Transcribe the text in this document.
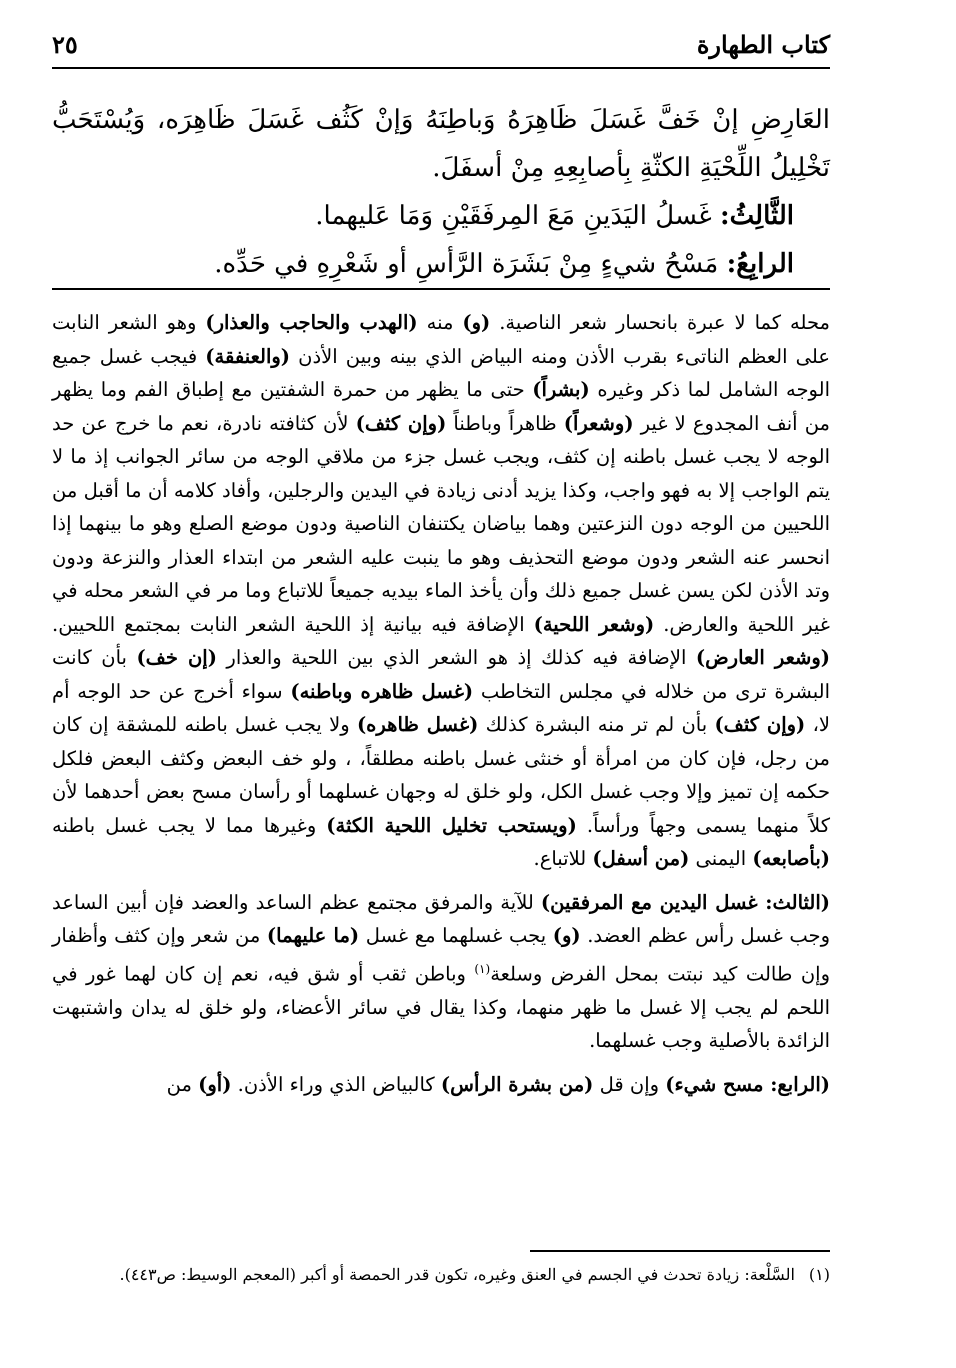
كتاب الطهارة
٢٥

العَارِضِ إنْ خَفَّ غَسَلَ ظَاهِرَهُ وَباطِنَهُ وَإنْ كَثُف غَسَلَ ظَاهِرَه، وَيُسْتَحَبُّ تَخْلِيلُ اللِّحْيَةِ الكثّةِ بِأصابِعِهِ مِنْ أسفَلَ.

الثَّالِثُ: غَسلُ اليَدَينِ مَعَ المِرفَقَيْنِ وَمَا عَليهما.

الرابِعُ: مَسْحُ شيءٍ مِنْ بَشَرَة الرَّأسِ أو شَعْرِهِ في حَدِّه.

محله كما لا عبرة بانحسار شعر الناصية. (و) منه (الهدب والحاجب والعذار) وهو الشعر النابت على العظم الناتىء بقرب الأذن ومنه البياض الذي بينه وبين الأذن (والعنفقة) فيجب غسل جميع الوجه الشامل لما ذكر وغيره (بشراً) حتى ما يظهر من حمرة الشفتين مع إطباق الفم وما يظهر من أنف المجدوع لا غير (وشعراً) ظاهراً وباطناً (وإن كثف) لأن كثافته نادرة، نعم ما خرج عن حد الوجه لا يجب غسل باطنه إن كثف، ويجب غسل جزء من ملاقي الوجه من سائر الجوانب إذ ما لا يتم الواجب إلا به فهو واجب، وكذا يزيد أدنى زيادة في اليدين والرجلين، وأفاد كلامه أن ما أقبل من اللحيين من الوجه دون النزعتين وهما بياضان يكتنفان الناصية ودون موضع الصلع وهو ما بينهما إذا انحسر عنه الشعر ودون موضع التحذيف وهو ما ينبت عليه الشعر من ابتداء العذار والنزعة ودون وتد الأذن لكن يسن غسل جميع ذلك وأن يأخذ الماء بيديه جميعاً للاتباع وما مر في الشعر محله في غير اللحية والعارض. (وشعر اللحية) الإضافة فيه بيانية إذ اللحية الشعر النابت بمجتمع اللحيين. (وشعر العارض) الإضافة فيه كذلك إذ هو الشعر الذي بين اللحية والعذار (إن خف) بأن كانت البشرة ترى من خلاله في مجلس التخاطب (غسل ظاهره وباطنه) سواء أخرج عن حد الوجه أم لا، (وإن كثف) بأن لم تر منه البشرة كذلك (غسل ظاهره) ولا يجب غسل باطنه للمشقة إن كان من رجل، فإن كان من امرأة أو خنثى غسل باطنه مطلقاً، ، ولو خف البعض وكثف البعض فلكل حكمه إن تميز وإلا وجب غسل الكل، ولو خلق له وجهان غسلهما أو رأسان مسح بعض أحدهما لأن كلاً منهما يسمى وجهاً ورأساً. (ويستحب تخليل اللحية الكثة) وغيرها مما لا يجب غسل باطنه (بأصابعه) اليمنى (من أسفل) للاتباع.

(الثالث: غسل اليدين مع المرفقين) للآية والمرفق مجتمع عظم الساعد والعضد فإن أبين الساعد وجب غسل رأس عظم العضد. (و) يجب غسلهما مع غسل (ما عليهما) من شعر وإن كثف وأظفار وإن طالت كيد نبتت بمحل الفرض وسلعة$^{(١)}$ وباطن ثقب أو شق فيه، نعم إن كان لهما غور في اللحم لم يجب إلا غسل ما ظهر منهما، وكذا يقال في سائر الأعضاء، ولو خلق له يدان واشتبهت الزائدة بالأصلية وجب غسلهما.

(الرابع: مسح شيء) وإن قل (من بشرة الرأس) كالبياض الذي وراء الأذن. (أو) من

(١)السَّلْعة: زيادة تحدث في الجسم في العنق وغيره، تكون قدر الحمصة أو أكبر (المعجم الوسيط: ص٤٤٣).
